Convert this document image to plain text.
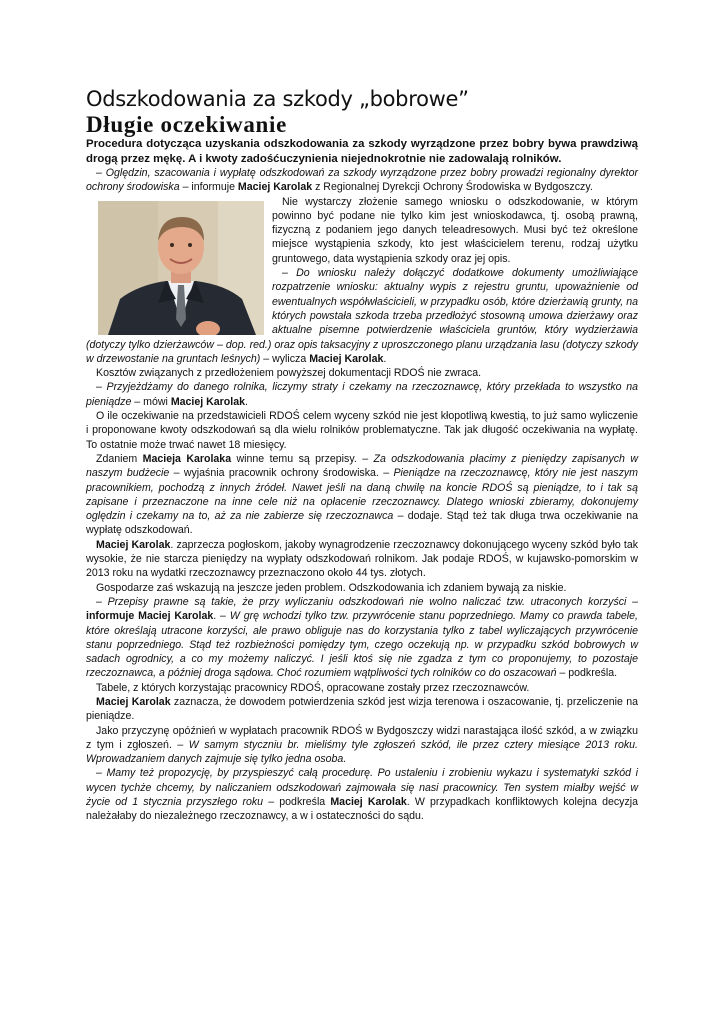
Odszkodowania za szkody „bobrowe”
Długie oczekiwanie

Procedura dotycząca uzyskania odszkodowania za szkody wyrządzone przez bobry bywa prawdziwą drogą przez mękę. A i kwoty zadośćuczynienia niejednokrotnie nie zadowalają rolników.

– Oględzin, szacowania i wypłatę odszkodowań za szkody wyrządzone przez bobry prowadzi regionalny dyrektor ochrony środowiska – informuje Maciej Karolak z Regionalnej Dyrekcji Ochrony Środowiska w Bydgoszczy.

Nie wystarczy złożenie samego wniosku o odszkodowanie, w którym powinno być podane nie tylko kim jest wnioskodawca, tj. osobą prawną, fizyczną z podaniem jego danych teleadresowych. Musi być też określone miejsce wystąpienia szkody, kto jest właścicielem terenu, rodzaj użytku gruntowego, data wystąpienia szkody oraz jej opis.

– Do wniosku należy dołączyć dodatkowe dokumenty umożliwiające rozpatrzenie wniosku: aktualny wypis z rejestru gruntu, upoważnienie od ewentualnych współwłaścicieli, w przypadku osób, które dzierżawią grunty, na których powstała szkoda trzeba przedłożyć stosowną umowa dzierżawy oraz aktualne pisemne potwierdzenie właściciela gruntów, który wydzierżawia (dotyczy tylko dzierżawców – dop. red.) oraz opis taksacyjny z uproszczonego planu urządzania lasu (dotyczy szkody w drzewostanie na gruntach leśnych) – wylicza Maciej Karolak.

Kosztów związanych z przedłożeniem powyższej dokumentacji RDOŚ nie zwraca.

– Przyjeżdżamy do danego rolnika, liczymy straty i czekamy na rzeczoznawcę, który przekłada to wszystko na pieniądze – mówi Maciej Karolak.

O ile oczekiwanie na przedstawicieli RDOŚ celem wyceny szkód nie jest kłopotliwą kwestią, to już samo wyliczenie i proponowane kwoty odszkodowań są dla wielu rolników problematyczne. Tak jak długość oczekiwania na wypłatę. To ostatnie może trwać nawet 18 miesięcy.

Zdaniem Macieja Karolaka winne temu są przepisy. – Za odszkodowania płacimy z pieniędzy zapisanych w naszym budżecie – wyjaśnia pracownik ochrony środowiska. – Pieniądze na rzeczoznawcę, który nie jest naszym pracownikiem, pochodzą z innych źródeł. Nawet jeśli na daną chwilę na koncie RDOŚ są pieniądze, to i tak są zapisane i przeznaczone na inne cele niż na opłacenie rzeczoznawcy. Dlatego wnioski zbieramy, dokonujemy oględzin i czekamy na to, aż za nie zabierze się rzeczoznawca – dodaje. Stąd też tak długa trwa oczekiwanie na wypłatę odszkodowań.

Maciej Karolak. zaprzecza pogłoskom, jakoby wynagrodzenie rzeczoznawcy dokonującego wyceny szkód było tak wysokie, że nie starcza pieniędzy na wypłaty odszkodowań rolnikom. Jak podaje RDOŚ, w kujawsko-pomorskim w 2013 roku na wydatki rzeczoznawcy przeznaczono około 44 tys. złotych.

Gospodarze zaś wskazują na jeszcze jeden problem. Odszkodowania ich zdaniem bywają za niskie.

– Przepisy prawne są takie, że przy wyliczaniu odszkodowań nie wolno naliczać tzw. utraconych korzyści – informuje Maciej Karolak. – W grę wchodzi tylko tzw. przywrócenie stanu poprzedniego. Mamy co prawda tabele, które określają utracone korzyści, ale prawo obliguje nas do korzystania tylko z tabel wyliczających przywrócenie stanu poprzedniego. Stąd też rozbieżności pomiędzy tym, czego oczekują np. w przypadku szkód bobrowych w sadach ogrodnicy, a co my możemy naliczyć. I jeśli ktoś się nie zgadza z tym co proponujemy, to pozostaje rzeczoznawca, a później droga sądowa. Choć rozumiem wątpliwości tych rolników co do oszacowań – podkreśla.

Tabele, z których korzystając pracownicy RDOŚ, opracowane zostały przez rzeczoznawców.

Maciej Karolak zaznacza, że dowodem potwierdzenia szkód jest wizja terenowa i oszacowanie, tj. przeliczenie na pieniądze.

Jako przyczynę opóźnień w wypłatach pracownik RDOŚ w Bydgoszczy widzi narastająca ilość szkód, a w związku z tym i zgłoszeń. – W samym styczniu br. mieliśmy tyle zgłoszeń szkód, ile przez cztery miesiące 2013 roku. Wprowadzaniem danych zajmuje się tylko jedna osoba.

– Mamy też propozycję, by przyspieszyć całą procedurę. Po ustaleniu i zrobieniu wykazu i systematyki szkód i wycen tychże chcemy, by naliczaniem odszkodowań zajmowała się nasi pracownicy. Ten system miałby wejść w życie od 1 stycznia przyszłego roku – podkreśla Maciej Karolak. W przypadkach konfliktowych kolejna decyzja należałaby do niezależnego rzeczoznawcy, a w i ostateczności do sądu.
